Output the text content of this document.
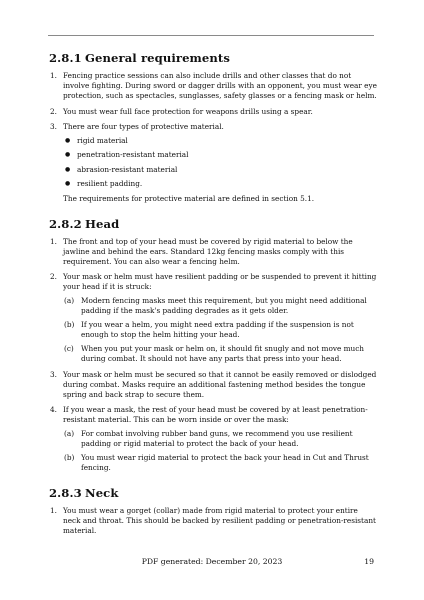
2.8.1 General requirements
1. Fencing practice sessions can also include drills and other classes that do not involve fighting. During sword or dagger drills with an opponent, you must wear eye protection, such as spectacles, sunglasses, safety glasses or a fencing mask or helm.

2. You must wear full face protection for weapons drills using a spear.

3. There are four types of protective material.

● rigid material
● penetration-resistant material
● abrasion-resistant material
● resilient padding.

The requirements for protective material are defined in section 5.1.

2.8.2 Head
1. The front and top of your head must be covered by rigid material to below the jawline and behind the ears. Standard 12kg fencing masks comply with this requirement. You can also wear a fencing helm.

2. Your mask or helm must have resilient padding or be suspended to prevent it hitting your head if it is struck:

(a) Modern fencing masks meet this requirement, but you might need additional padding if the mask's padding degrades as it gets older.
(b) If you wear a helm, you might need extra padding if the suspension is not enough to stop the helm hitting your head.
(c) When you put your mask or helm on, it should fit snugly and not move much during combat. It should not have any parts that press into your head.
3. Your mask or helm must be secured so that it cannot be easily removed or dislodged during combat. Masks require an additional fastening method besides the tongue spring and back strap to secure them.

4. If you wear a mask, the rest of your head must be covered by at least penetration-resistant material. This can be worn inside or over the mask:

(a) For combat involving rubber band guns, we recommend you use resilient padding or rigid material to protect the back of your head.
(b) You must wear rigid material to protect the back your head in Cut and Thrust fencing.
2.8.3 Neck
1. You must wear a gorget (collar) made from rigid material to protect your entire neck and throat. This should be backed by resilient padding or penetration-resistant material.

PDF generated: December 20, 2023	19
